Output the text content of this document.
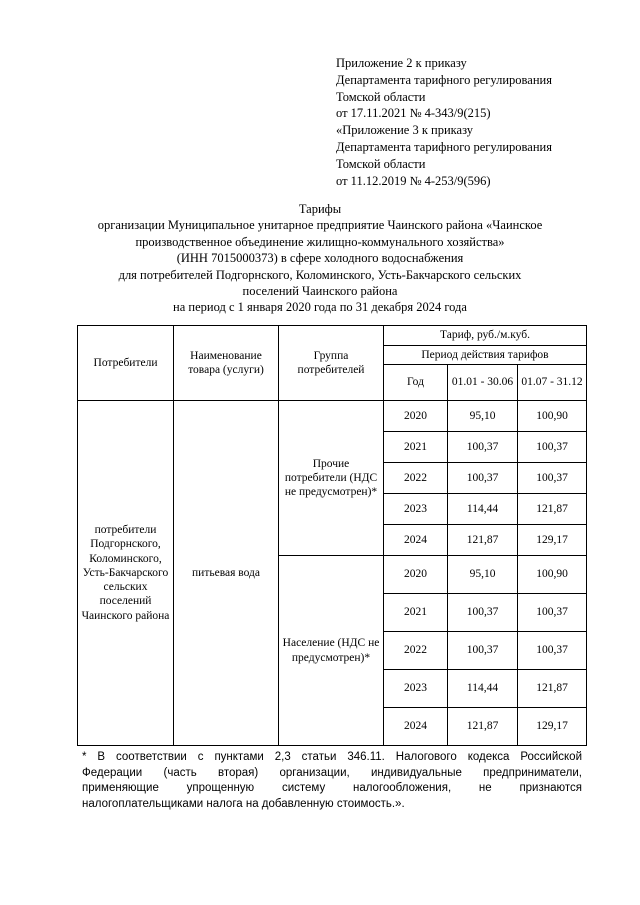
Приложение 2 к приказу
Департамента тарифного регулирования
Томской области
от 17.11.2021 № 4-343/9(215)
«Приложение 3 к приказу
Департамента тарифного регулирования
Томской области
от 11.12.2019 № 4-253/9(596)
Тарифы
организации Муниципальное унитарное предприятие Чаинского района «Чаинское
производственное объединение жилищно-коммунального хозяйства»
(ИНН 7015000373) в сфере холодного водоснабжения
для потребителей Подгорнского, Коломинского, Усть-Бакчарского сельских
поселений Чаинского района
на период с 1 января 2020 года по 31 декабря 2024 года
Потребители	Наименование товара (услуги)	Группа потребителей	Тариф, руб./м.куб.		
			Период действия тарифов		
			Год	01.01 - 30.06	01.07 - 31.12
потребители Подгорнского, Коломинского, Усть-Бакчарского сельских поселений Чаинского района	питьевая вода	Прочие потребители (НДС не предусмотрен)*	2020	95,10	100,90
			2021	100,37	100,37
			2022	100,37	100,37
			2023	114,44	121,87
			2024	121,87	129,17
		Население (НДС не предусмотрен)*	2020	95,10	100,90
			2021	100,37	100,37
			2022	100,37	100,37
			2023	114,44	121,87
			2024	121,87	129,17
* В соответствии с пунктами 2,3 статьи 346.11. Налогового кодекса Российской
Федерации (часть вторая) организации, индивидуальные предприниматели,
применяющие упрощенную систему налогообложения, не признаются
налогоплательщиками налога на добавленную стоимость.».
